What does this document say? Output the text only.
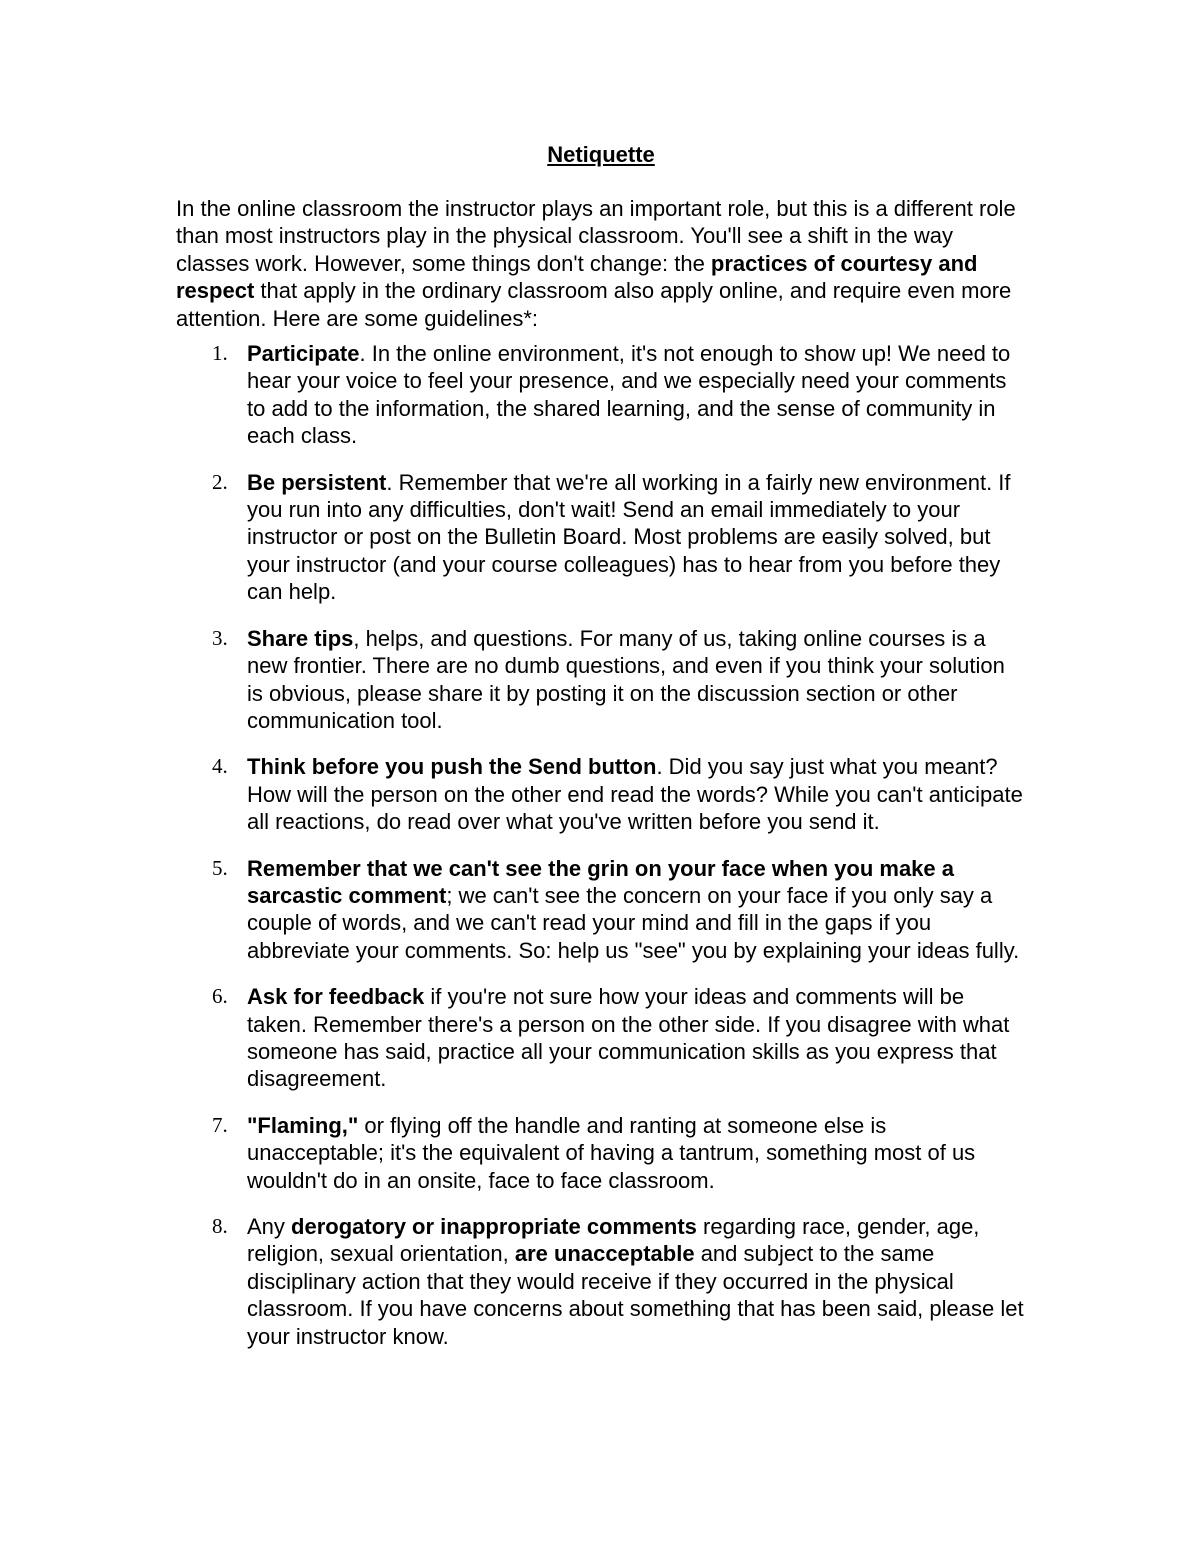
Netiquette

In the online classroom the instructor plays an important role, but this is a different role than most instructors play in the physical classroom. You'll see a shift in the way classes work. However, some things don't change: the practices of courtesy and respect that apply in the ordinary classroom also apply online, and require even more attention. Here are some guidelines*:

1. Participate. In the online environment, it's not enough to show up! We need to hear your voice to feel your presence, and we especially need your comments to add to the information, the shared learning, and the sense of community in each class.
2. Be persistent. Remember that we're all working in a fairly new environment. If you run into any difficulties, don't wait! Send an email immediately to your instructor or post on the Bulletin Board. Most problems are easily solved, but your instructor (and your course colleagues) has to hear from you before they can help.
3. Share tips, helps, and questions. For many of us, taking online courses is a new frontier. There are no dumb questions, and even if you think your solution is obvious, please share it by posting it on the discussion section or other communication tool.
4. Think before you push the Send button. Did you say just what you meant? How will the person on the other end read the words? While you can't anticipate all reactions, do read over what you've written before you send it.
5. Remember that we can't see the grin on your face when you make a sarcastic comment; we can't see the concern on your face if you only say a couple of words, and we can't read your mind and fill in the gaps if you abbreviate your comments. So: help us "see" you by explaining your ideas fully.
6. Ask for feedback if you're not sure how your ideas and comments will be taken. Remember there's a person on the other side. If you disagree with what someone has said, practice all your communication skills as you express that disagreement.
7. "Flaming," or flying off the handle and ranting at someone else is unacceptable; it's the equivalent of having a tantrum, something most of us wouldn't do in an onsite, face to face classroom.
8. Any derogatory or inappropriate comments regarding race, gender, age, religion, sexual orientation, are unacceptable and subject to the same disciplinary action that they would receive if they occurred in the physical classroom. If you have concerns about something that has been said, please let your instructor know.
